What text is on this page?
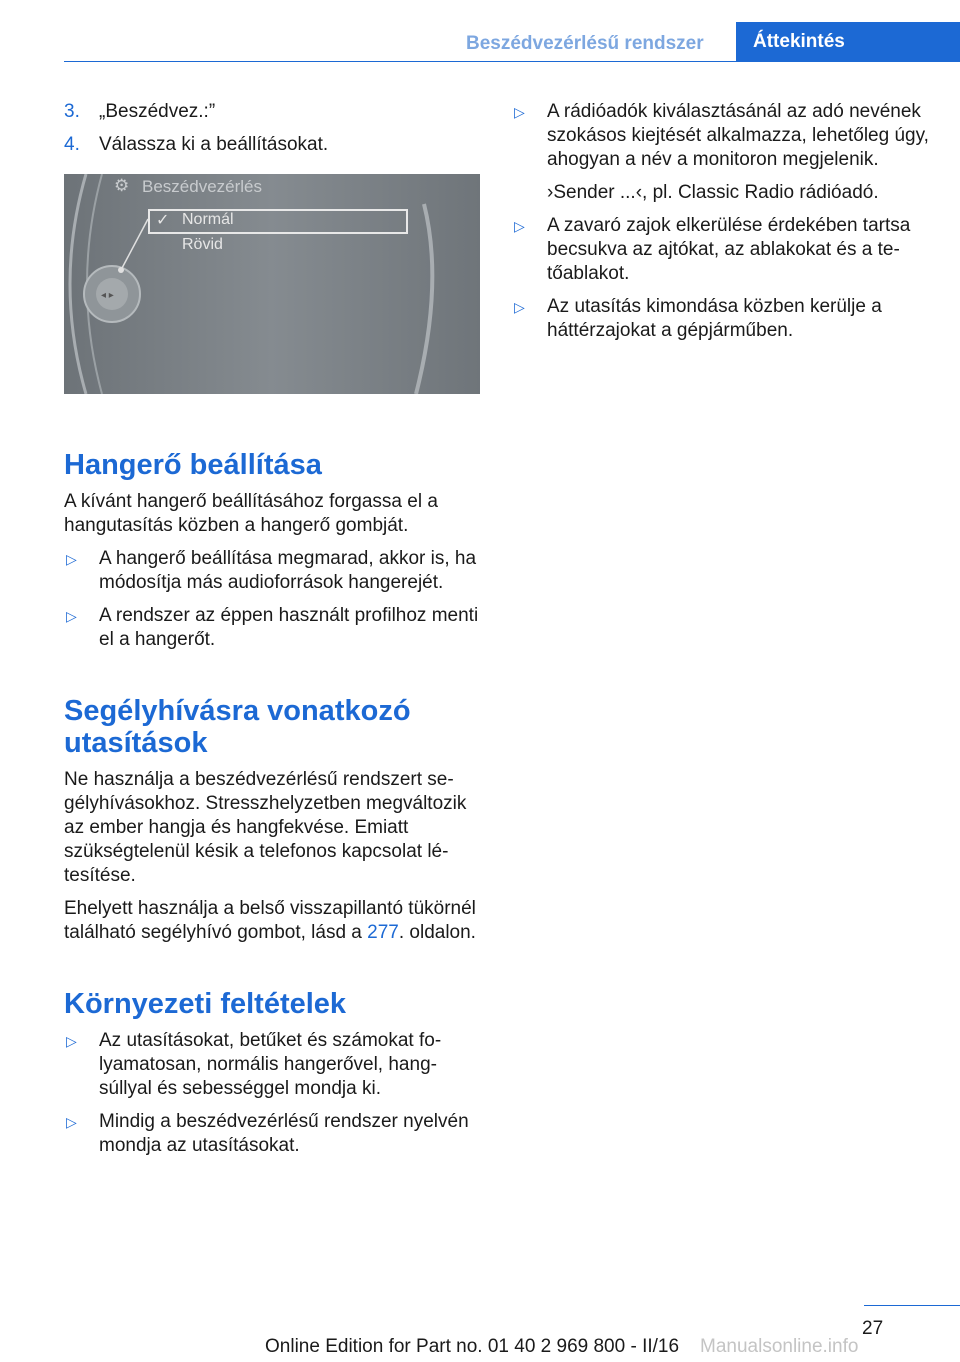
Beszédvezérlésű rendszer	Áttekintés
3.	„Beszédvez.:”
4.	Válassza ki a beállításokat.
◂ ▸
⚙ Beszédvezérlés
✓ Normál
Rövid
Hangerő beállítása

A kívánt hangerő beállításához forgassa el a hangutasítás közben a hangerő gombját.

▷	A hangerő beállítása megmarad, akkor is, ha módosítja más audioforrások hangerejét.
▷	A rendszer az éppen használt profilhoz menti el a hangerőt.
Segélyhívásra vonatkozó utasítások

Ne használja a beszédvezérlésű rendszert segélyhívásokhoz. Stresszhelyzetben megváltozik az ember hangja és hangfekvése. Emiatt szükségtelenül késik a telefonos kapcsolat létesítése.

Ehelyett használja a belső visszapillantó tükörnél található segélyhívó gombot, lásd a 277. oldalon.

Környezeti feltételek
▷	Az utasításokat, betűket és számokat folyamatosan, normális hangerővel, hangsúllyal és sebességgel mondja ki.
▷	Mindig a beszédvezérlésű rendszer nyelvén mondja az utasításokat.
▷	A rádióadók kiválasztásánál az adó nevének szokásos kiejtését alkalmazza, lehetőleg úgy, ahogyan a név a monitoron megjelenik.

›Sender ...‹, pl. Classic Radio rádióadó.

▷	A zavaró zajok elkerülése érdekében tartsa becsukva az ajtókat, az ablakokat és a tetőablakot.
▷	Az utasítás kimondása közben kerülje a háttérzajokat a gépjárműben.
27
Online Edition for Part no. 01 40 2 969 800 - II/16 Manualsonline.info
